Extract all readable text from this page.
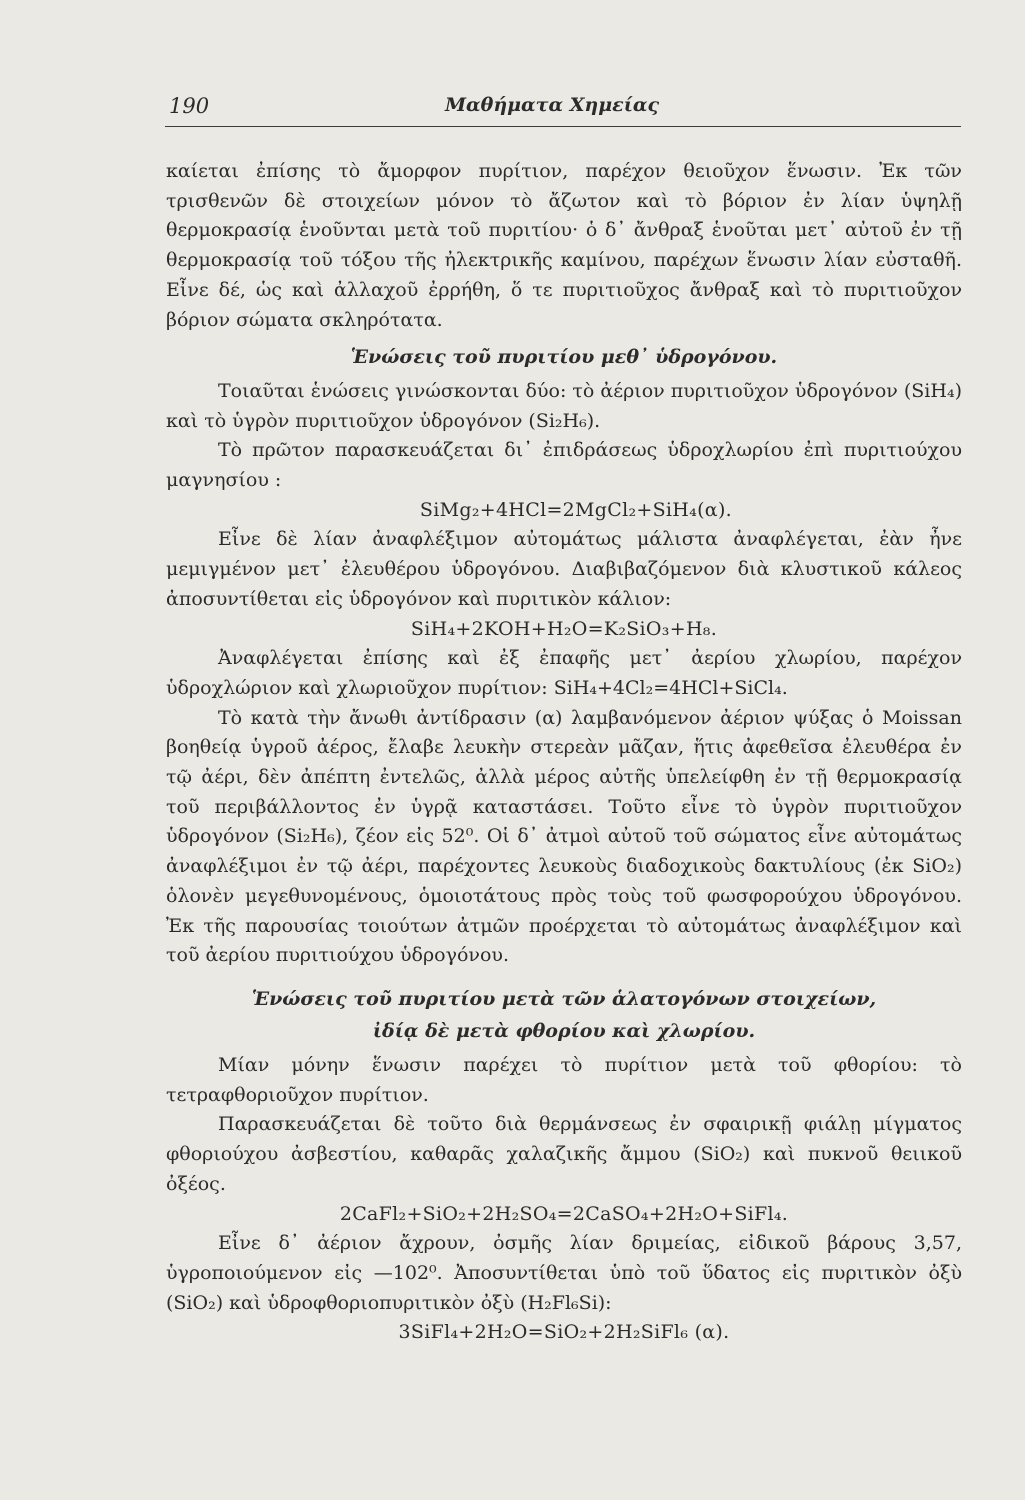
190	Μαθήματα Χημείας

καίεται ἐπίσης τὸ ἄμορφον πυρίτιον, παρέχον θειοῦχον ἕνωσιν. Ἐκ τῶν τρισθενῶν δὲ στοιχείων μόνον τὸ ἄζωτον καὶ τὸ βόριον ἐν λίαν ὑψηλῇ θερμοκρασίᾳ ἑνοῦνται μετὰ τοῦ πυριτίου· ὁ δ᾽ ἄνθραξ ἑνοῦται μετ᾽ αὐτοῦ ἐν τῇ θερμοκρασίᾳ τοῦ τόξου τῆς ἠλεκτρικῆς καμίνου, παρέχων ἕνωσιν λίαν εὐσταθῆ. Εἶνε δέ, ὡς καὶ ἀλλαχοῦ ἐρρήθη, ὅ τε πυριτιοῦχος ἄνθραξ καὶ τὸ πυριτιοῦχον βόριον σώματα σκληρότατα.

Ἑνώσεις τοῦ πυριτίου μεθ᾽ ὑδρογόνου.

Τοιαῦται ἑνώσεις γινώσκονται δύο: τὸ ἀέριον πυριτιοῦχον ὑδρογόνον (SiH₄) καὶ τὸ ὑγρὸν πυριτιοῦχον ὑδρογόνον (Si₂H₆).

Τὸ πρῶτον παρασκευάζεται δι᾽ ἐπιδράσεως ὑδροχλωρίου ἐπὶ πυριτιούχου μαγνησίου :

SiMg₂+4HCl=2MgCl₂+SiH₄(α).

Εἶνε δὲ λίαν ἀναφλέξιμον αὐτομάτως μάλιστα ἀναφλέγεται, ἐὰν ἦνε μεμιγμένον μετ᾽ ἐλευθέρου ὑδρογόνου. Διαβιβαζόμενον διὰ κλυστικοῦ κάλεος ἀποσυντίθεται εἰς ὑδρογόνον καὶ πυριτικὸν κάλιον:

SiH₄+2KOH+H₂O=K₂SiO₃+H₈.

Ἀναφλέγεται ἐπίσης καὶ ἐξ ἐπαφῆς μετ᾽ ἀερίου χλωρίου, παρέχον ὑδροχλώριον καὶ χλωριοῦχον πυρίτιον: SiH₄+4Cl₂=4HCl+SiCl₄.

Τὸ κατὰ τὴν ἄνωθι ἀντίδρασιν (α) λαμβανόμενον ἀέριον ψύξας ὁ Moissan βοηθείᾳ ὑγροῦ ἀέρος, ἔλαβε λευκὴν στερεὰν μᾶζαν, ἥτις ἀφεθεῖσα ἐλευθέρα ἐν τῷ ἀέρι, δὲν ἀπέπτη ἐντελῶς, ἀλλὰ μέρος αὐτῆς ὑπελείφθη ἐν τῇ θερμοκρασίᾳ τοῦ περιβάλλοντος ἐν ὑγρᾷ καταστάσει. Τοῦτο εἶνε τὸ ὑγρὸν πυριτιοῦχον ὑδρογόνον (Si₂H₆), ζέον εἰς 52⁰. Οἱ δ᾽ ἀτμοὶ αὐτοῦ τοῦ σώματος εἶνε αὐτομάτως ἀναφλέξιμοι ἐν τῷ ἀέρι, παρέχοντες λευκοὺς διαδοχικοὺς δακτυλίους (ἐκ SiO₂) ὁλονὲν μεγεθυνομένους, ὁμοιοτάτους πρὸς τοὺς τοῦ φωσφορούχου ὑδρογόνου. Ἐκ τῆς παρουσίας τοιούτων ἀτμῶν προέρχεται τὸ αὐτομάτως ἀναφλέξιμον καὶ τοῦ ἀερίου πυριτιούχου ὑδρογόνου.

Ἑνώσεις τοῦ πυριτίου μετὰ τῶν ἁλατογόνων στοιχείων,
ἰδίᾳ δὲ μετὰ φθορίου καὶ χλωρίου.

Μίαν μόνην ἕνωσιν παρέχει τὸ πυρίτιον μετὰ τοῦ φθορίου: τὸ τετραφθοριοῦχον πυρίτιον.

Παρασκευάζεται δὲ τοῦτο διὰ θερμάνσεως ἐν σφαιρικῇ φιάλῃ μίγματος φθοριούχου ἀσβεστίου, καθαρᾶς χαλαζικῆς ἄμμου (SiO₂) καὶ πυκνοῦ θειικοῦ ὀξέος.

2CaFl₂+SiO₂+2H₂SO₄=2CaSO₄+2H₂O+SiFl₄.

Εἶνε δ᾽ ἀέριον ἄχρουν, ὀσμῆς λίαν δριμείας, εἰδικοῦ βάρους 3,57, ὑγροποιούμενον εἰς —102⁰. Ἀποσυντίθεται ὑπὸ τοῦ ὕδατος εἰς πυριτικὸν ὀξὺ (SiO₂) καὶ ὑδροφθοριοπυριτικὸν ὀξὺ (H₂Fl₆Si):

3SiFl₄+2H₂O=SiO₂+2H₂SiFl₆ (α).
